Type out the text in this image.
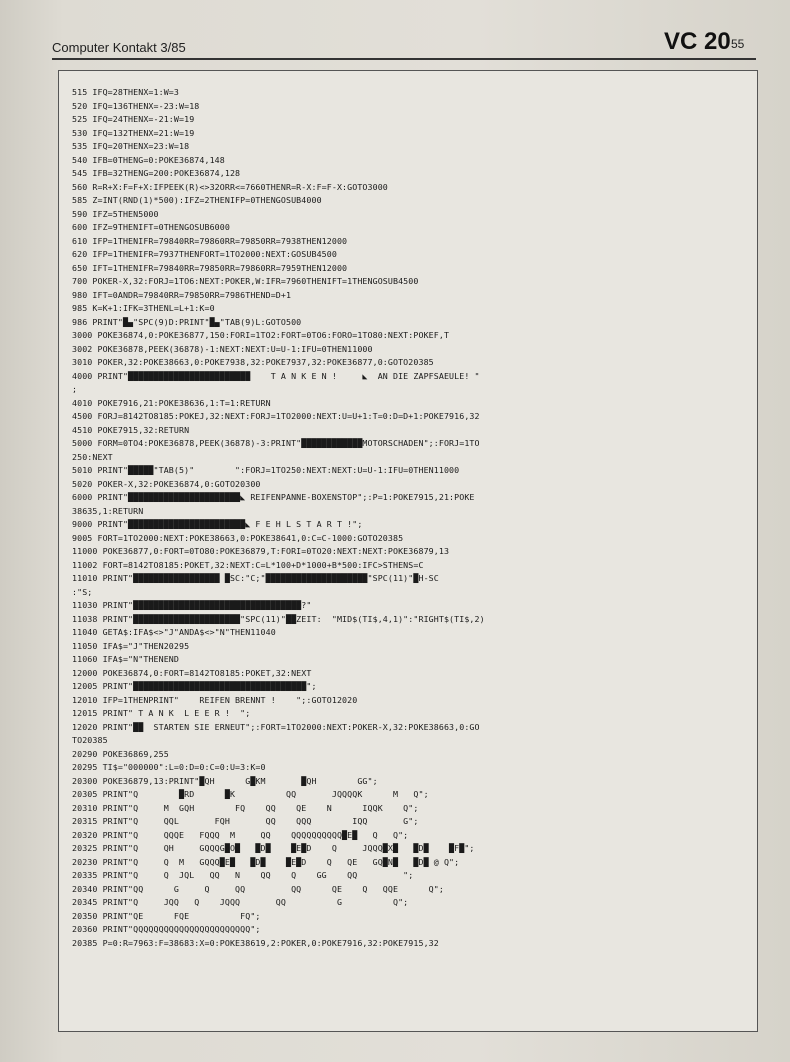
Computer Kontakt 3/85	VC 20 55
515 IFQ=28THENX=1:W=3
520 IFQ=136THENX=-23:W=18
525 IFQ=24THENX=-21:W=19
530 IFQ=132THENX=21:W=19
535 IFQ=20THENX=23:W=18
540 IFB=0THENG=0:POKE36874,148
545 IFB=32THENG=200:POKE36874,128
560 R=R+X:F=F+X:IFPEEK(R)<>32ORR<=7660THENR=R-X:F=F-X:GOTO3000
585 Z=INT(RND(1)*500):IFZ=2THENIFP=0THENGOSUB4000
590 IFZ=5THEN5000
600 IFZ=9THENIFT=0THENGOSUB6000
610 IFP=1THENIFR=79840RR=79860RR=79850RR=7938THEN12000
620 IFP=1THENIFR=7937THENFORT=1TO2000:NEXT:GOSUB4500
650 IFT=1THENIFR=79840RR=79850RR=79860RR=7959THEN12000
700 POKER-X,32:FORJ=1TO6:NEXT:POKER,W:IFR=7960THENIFT=1THENGOSUB4500
980 IFT=0ANDR=79840RR=79850RR=7986THEND=D+1
985 K=K+1:IFK=3THENL=L+1:K=0
986 PRINT"█▄"SPC(9)D:PRINT"█▄"TAB(9)L:GOTO500
3000 POKE36874,0:POKE36877,150:FORI=1TO2:FORT=0TO6:FORO=1TO80:NEXT:POKEF,T
3002 POKE36878,PEEK(36878)-1:NEXT:NEXT:U=U-1:IFU=0THEN11000
3010 POKER,32:POKE38663,0:POKE7938,32:POKE7937,32:POKE36877,0:GOTO20385
4000 PRINT"████████████████████████    T A N K E N !     ◣  AN DIE ZAPFSAEULE! "
;
4010 POKE7916,21:POKE38636,1:T=1:RETURN
4500 FORJ=8142TO8185:POKEJ,32:NEXT:FORJ=1TO2000:NEXT:U=U+1:T=0:D=D+1:POKE7916,32
4510 POKE7915,32:RETURN
5000 FORM=0TO4:POKE36878,PEEK(36878)-3:PRINT"████████████MOTORSCHADEN";:FORJ=1TO
250:NEXT
5010 PRINT"█████"TAB(5)"        ":FORJ=1TO250:NEXT:NEXT:U=U-1:IFU=0THEN11000
5020 POKER-X,32:POKE36874,0:GOTO20300
6000 PRINT"██████████████████████◣ REIFENPANNE-BOXENSTOP";:P=1:POKE7915,21:POKE
38635,1:RETURN
9000 PRINT"███████████████████████◣ F E H L S T A R T !";
9005 FORT=1TO2000:NEXT:POKE38663,0:POKE38641,0:C=C-1000:GOTO20385
11000 POKE36877,0:FORT=0TO80:POKE36879,T:FORI=0TO20:NEXT:NEXT:POKE36879,13
11002 FORT=8142TO8185:POKET,32:NEXT:C=L*100+D*1000+B*500:IFC>STHENS=C
11010 PRINT"█████████████████ █SC:"C;"████████████████████"SPC(11)"█H-SC
:"S;
11030 PRINT"█████████████████████████████████?"
11038 PRINT"█████████████████████"SPC(11)"██ZEIT:  "MID$(TI$,4,1)":"RIGHT$(TI$,2)
11040 GETA$:IFA$<>"J"ANDA$<>"N"THEN11040
11050 IFA$="J"THEN20295
11060 IFA$="N"THENEND
12000 POKE36874,0:FORT=8142TO8185:POKET,32:NEXT
12005 PRINT"██████████████████████████████████";
12010 IFP=1THENPRINT"    REIFEN BRENNT !    ";:GOTO12020
12015 PRINT" T A N K  L E E R !  ";
12020 PRINT"██  STARTEN SIE ERNEUT";:FORT=1TO2000:NEXT:POKER-X,32:POKE38663,0:GO
TO20385
20290 POKE36869,255
20295 TI$="000000":L=0:D=0:C=0:U=3:K=0
20300 POKE36879,13:PRINT"█QH      G█KM       █QH        GG";
20305 PRINT"Q        █RD      █K          QQ       JQQQQK      M   Q";
20310 PRINT"Q     M  GQH        FQ    QQ    QE    N      IQQK    Q";
20315 PRINT"Q     QQL       FQH       QQ    QQQ        IQQ       G";
20320 PRINT"Q     QQQE   FQQQ  M     QQ    QQQQQQQQQQ█E█   Q   Q";
20325 PRINT"Q     QH     GQQQG█O█   █D█    █E█D    Q     JQQQ█X█   █D█    █F█";
20230 PRINT"Q     Q  M   GQQQ█E█   █D█    █E█D    Q   QE   GQ█N█   █D█ @ Q";
20335 PRINT"Q     Q  JQL   QQ   N    QQ    Q    GG    QQ         ";
20340 PRINT"QQ      G     Q     QQ         QQ      QE    Q   QQE      Q";
20345 PRINT"Q     JQQ   Q    JQQQ       QQ          G          Q";
20350 PRINT"QE      FQE          FQ";
20360 PRINT"QQQQQQQQQQQQQQQQQQQQQQQ";
20385 P=0:R=7963:F=38683:X=0:POKE38619,2:POKER,0:POKE7916,32:POKE7915,32
